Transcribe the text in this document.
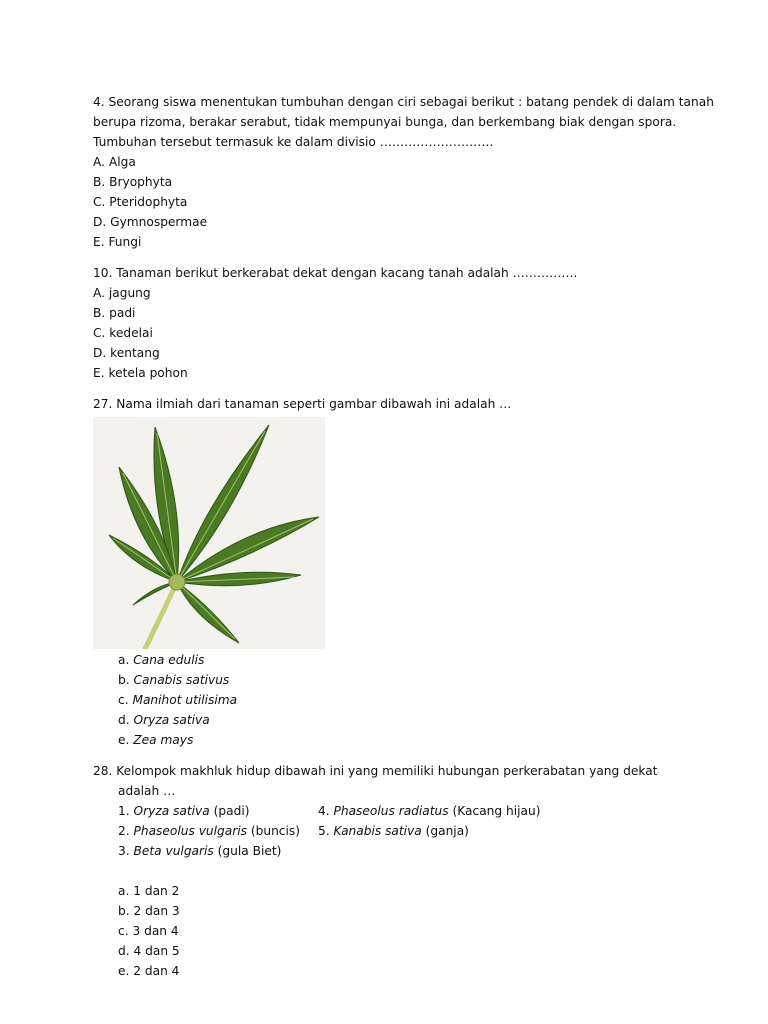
4. Seorang siswa menentukan tumbuhan dengan ciri sebagai berikut : batang pendek di dalam tanah
berupa rizoma, berakar serabut, tidak mempunyai bunga, dan berkembang biak dengan spora.
Tumbuhan tersebut termasuk ke dalam divisio ……………………….
A. Alga
B. Bryophyta
C. Pteridophyta
D. Gymnospermae
E. Fungi
10. Tanaman berikut berkerabat dekat dengan kacang tanah adalah …………….
A. jagung
B. padi
C. kedelai
D. kentang
E. ketela pohon
27. Nama ilmiah dari tanaman seperti gambar dibawah ini adalah …
a. Cana edulis
b. Canabis sativus
c. Manihot utilisima
d. Oryza sativa
e. Zea mays
28. Kelompok makhluk hidup dibawah ini yang memiliki hubungan perkerabatan yang dekat
adalah …
1. Oryza sativa (padi)	4. Phaseolus radiatus (Kacang hijau)
2. Phaseolus vulgaris (buncis)	5. Kanabis sativa (ganja)
3. Beta vulgaris (gula Biet)
a. 1 dan 2
b. 2 dan 3
c. 3 dan 4
d. 4 dan 5
e. 2 dan 4
